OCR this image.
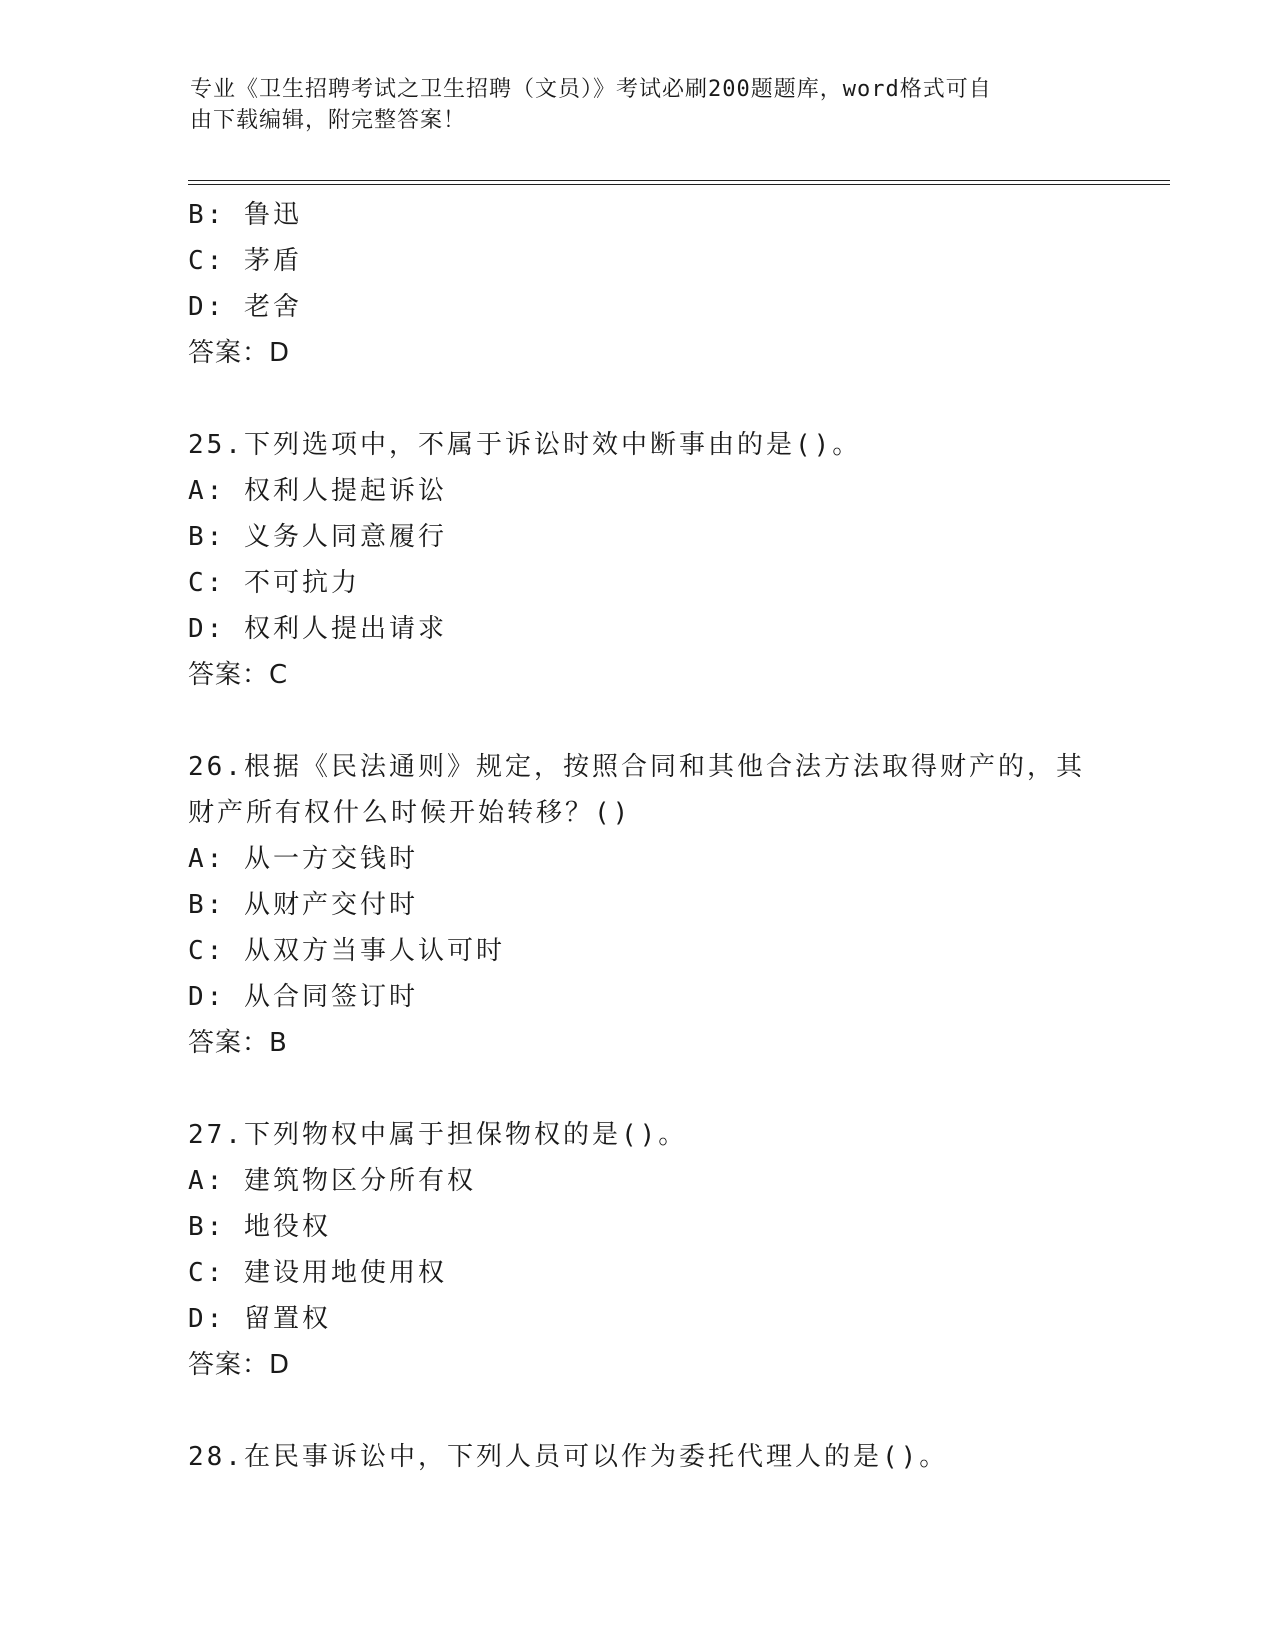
专业《卫生招聘考试之卫生招聘（文员）》考试必刷200题题库，word格式可自
由下载编辑，附完整答案！
B: 鲁迅
C: 茅盾
D: 老舍
答案：D
25.下列选项中，不属于诉讼时效中断事由的是()。
A: 权利人提起诉讼
B: 义务人同意履行
C: 不可抗力
D: 权利人提出请求
答案：C
26.根据《民法通则》规定，按照合同和其他合法方法取得财产的，其
财产所有权什么时候开始转移？()
A: 从一方交钱时
B: 从财产交付时
C: 从双方当事人认可时
D: 从合同签订时
答案：B
27.下列物权中属于担保物权的是()。
A: 建筑物区分所有权
B: 地役权
C: 建设用地使用权
D: 留置权
答案：D
28.在民事诉讼中，下列人员可以作为委托代理人的是()。
